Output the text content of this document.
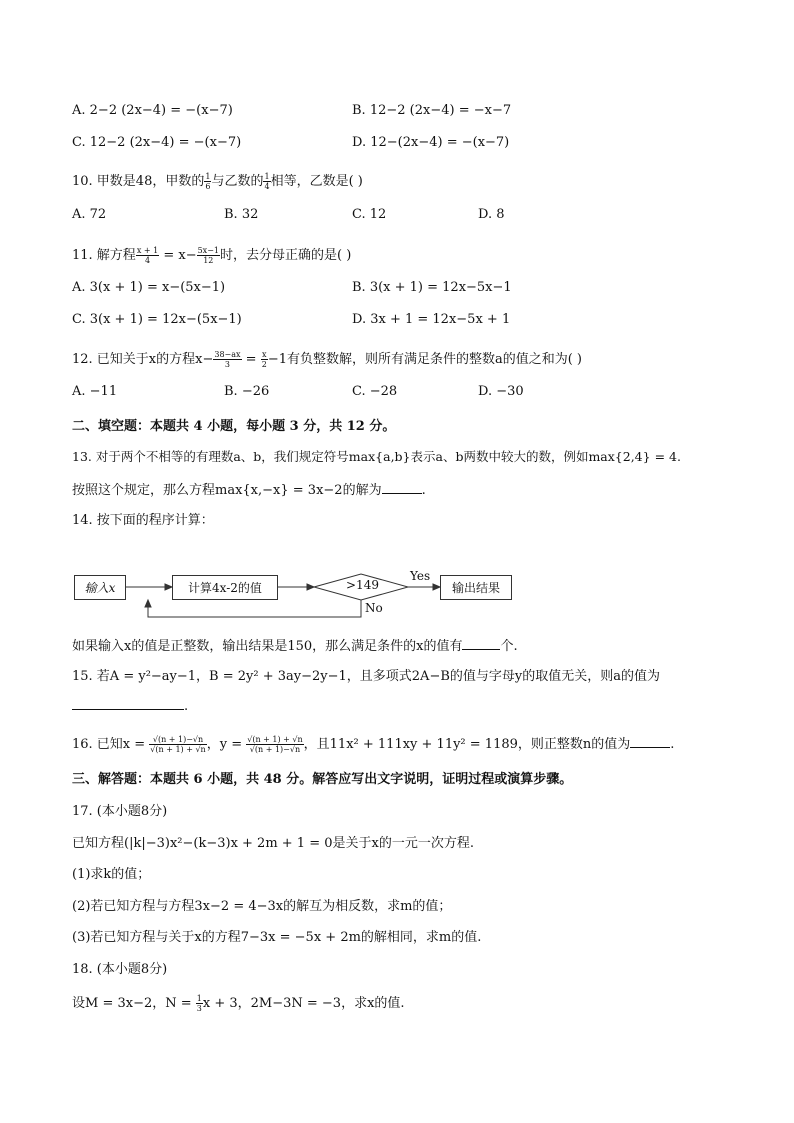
A. 2−2 (2x−4) = −(x−7)	B. 12−2 (2x−4) = −x−7
C. 12−2 (2x−4) = −(x−7)	D. 12−(2x−4) = −(x−7)
10. 甲数是48，甲数的 $\frac{1}{6}$ 与乙数的 $\frac{1}{4}$ 相等，乙数是( )
A. 72	B. 32	C. 12	D. 8
11. 解方程 $\frac{x + 1}{4} = x- \frac{5x-1}{12}$ 时，去分母正确的是( )
A. 3(x + 1) = x−(5x−1)	B. 3(x + 1) = 12x−5x−1
C. 3(x + 1) = 12x−(5x−1)	D. 3x + 1 = 12x−5x + 1
12. 已知关于x的方程$x- \frac{38-ax}{3} = \frac{x}{2} -1$有负整数解，则所有满足条件的整数a的值之和为( )
A. −11	B. −26	C. −28	D. −30
二、填空题：本题共 4 小题，每小题 3 分，共 12 分。
13. 对于两个不相等的有理数a、b，我们规定符号max{a,b}表示a、b两数中较大的数，例如max{2,4} = 4.
按照这个规定，那么方程max{x,−x} = 3x−2的解为	.
14. 按下面的程序计算：
输入x	计算4x-2的值	>149
Yes
No
输出结果
如果输入x的值是正整数，输出结果是150，那么满足条件的x的值有	个.
15. 若A = y²−ay−1，B = 2y² + 3ay−2y−1，且多项式2A−B的值与字母y的取值无关，则a的值为
.
16. 已知$x = \frac{√(n + 1)-√n}{√(n + 1) + √n}$ ，$y = \frac{√(n + 1) + √n}{√(n + 1)-√n}$ ，且11x² + 111xy + 11y² = 1189，则正整数n的值为	.
三、解答题：本题共 6 小题，共 48 分。解答应写出文字说明，证明过程或演算步骤。
17. (本小题8分)
已知方程(|k|−3)x²−(k−3)x + 2m + 1 = 0是关于x的一元一次方程.
(1)求k的值；
(2)若已知方程与方程3x−2 = 4−3x的解互为相反数，求m的值；
(3)若已知方程与关于x的方程7−3x = −5x + 2m的解相同，求m的值.
18. (本小题8分)
设M = 3x−2，$N = \frac{1}{3}$ x + 3，2M−3N = −3，求x的值.
